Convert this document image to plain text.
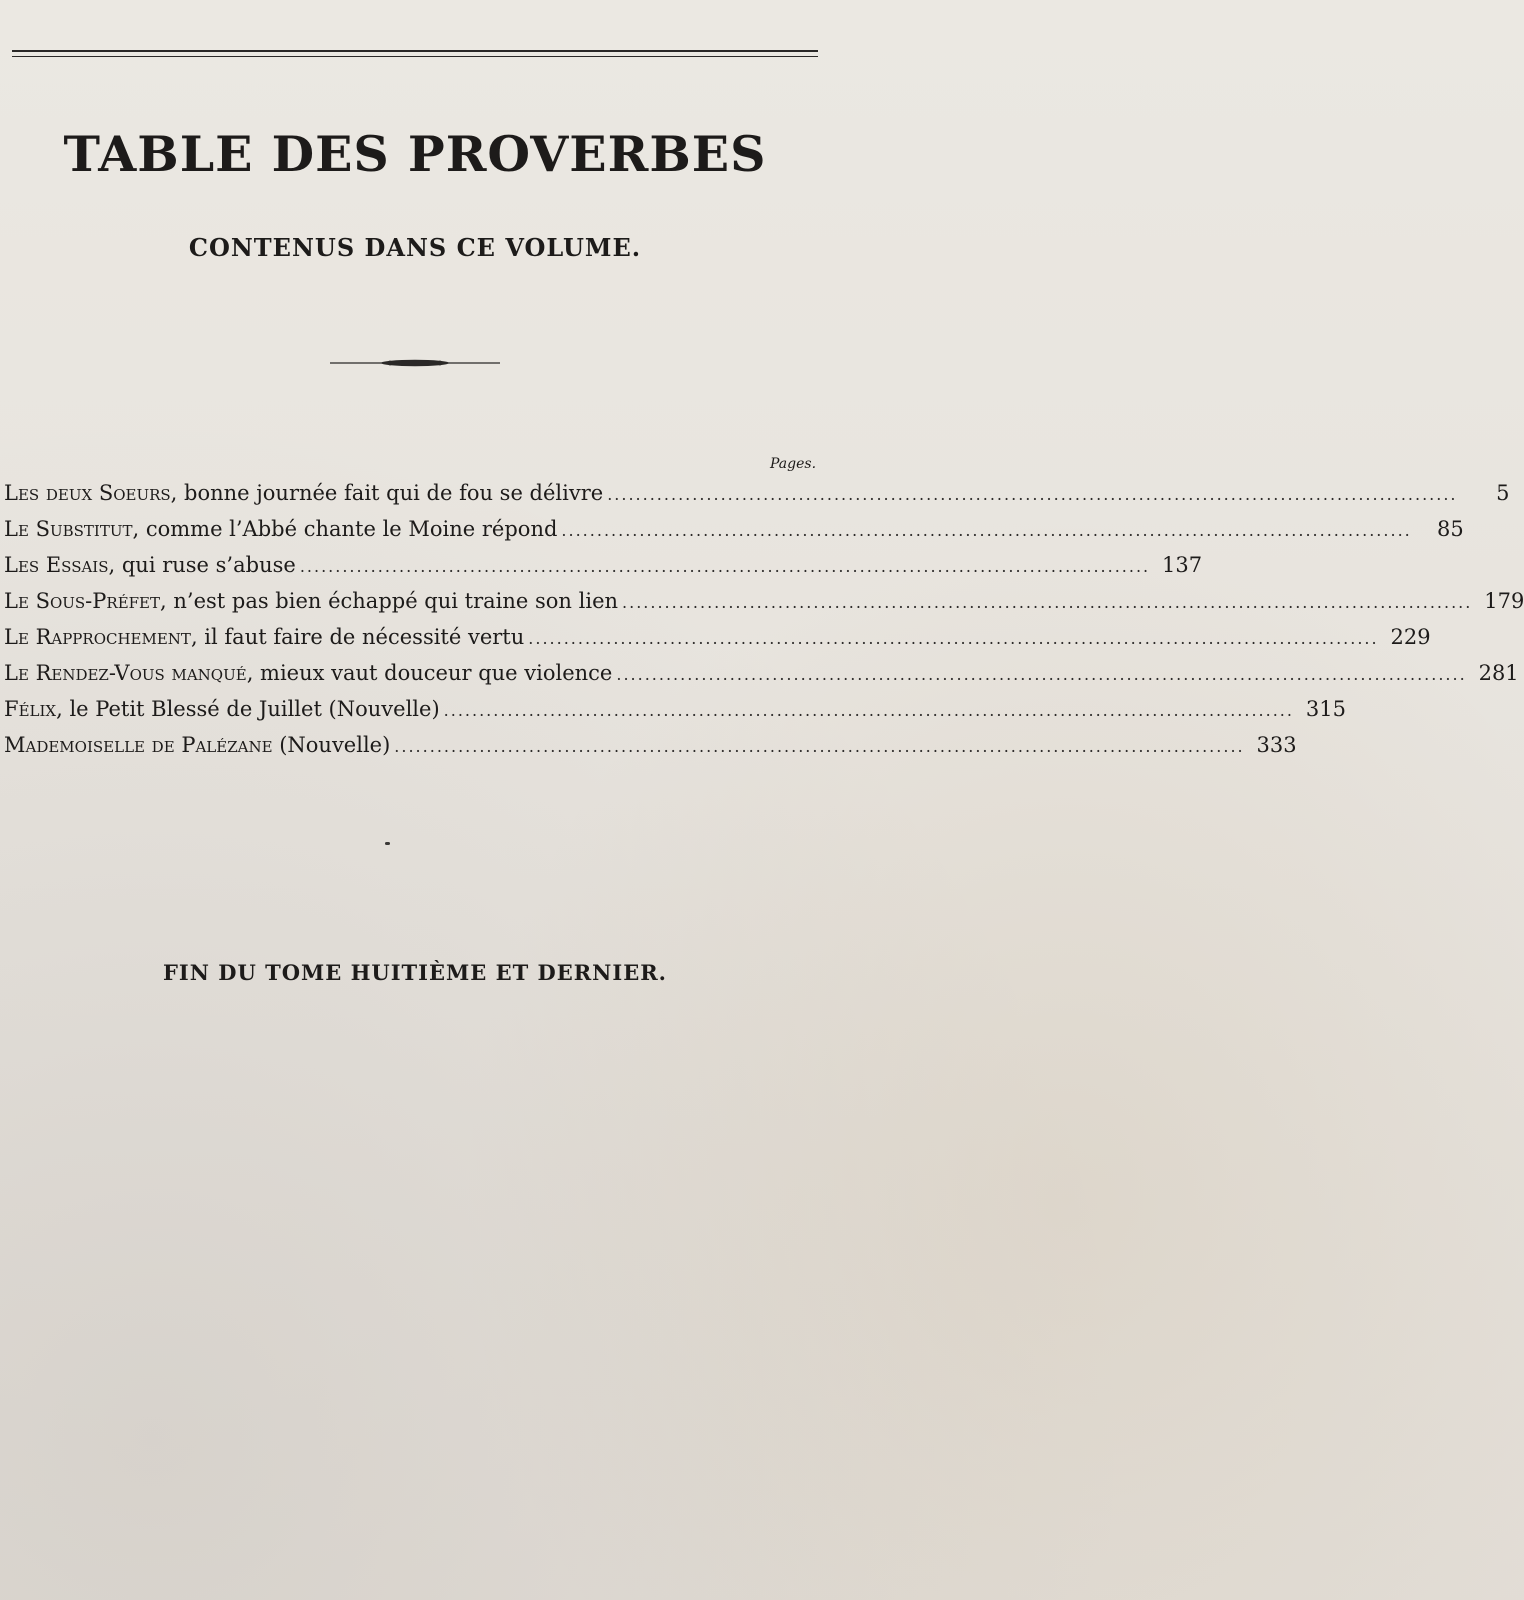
TABLE DES PROVERBES
CONTENUS DANS CE VOLUME.
Pages.
Les deux Soeurs, bonne journée fait qui de fou se délivre ........................................................................................................................	5
Le Substitut, comme l’Abbé chante le Moine répond ........................................................................................................................	85
Les Essais, qui ruse s’abuse ........................................................................................................................ 137
Le Sous-Préfet, n’est pas bien échappé qui traine son lien ........................................................................................................................ 179
Le Rapprochement, il faut faire de nécessité vertu ........................................................................................................................ 229
Le Rendez-Vous manqué, mieux vaut douceur que violence ........................................................................................................................ 281
Félix, le Petit Blessé de Juillet (Nouvelle) ........................................................................................................................ 315
Mademoiselle de Palézane (Nouvelle) ........................................................................................................................ 333
FIN DU TOME HUITIÈME ET DERNIER.
